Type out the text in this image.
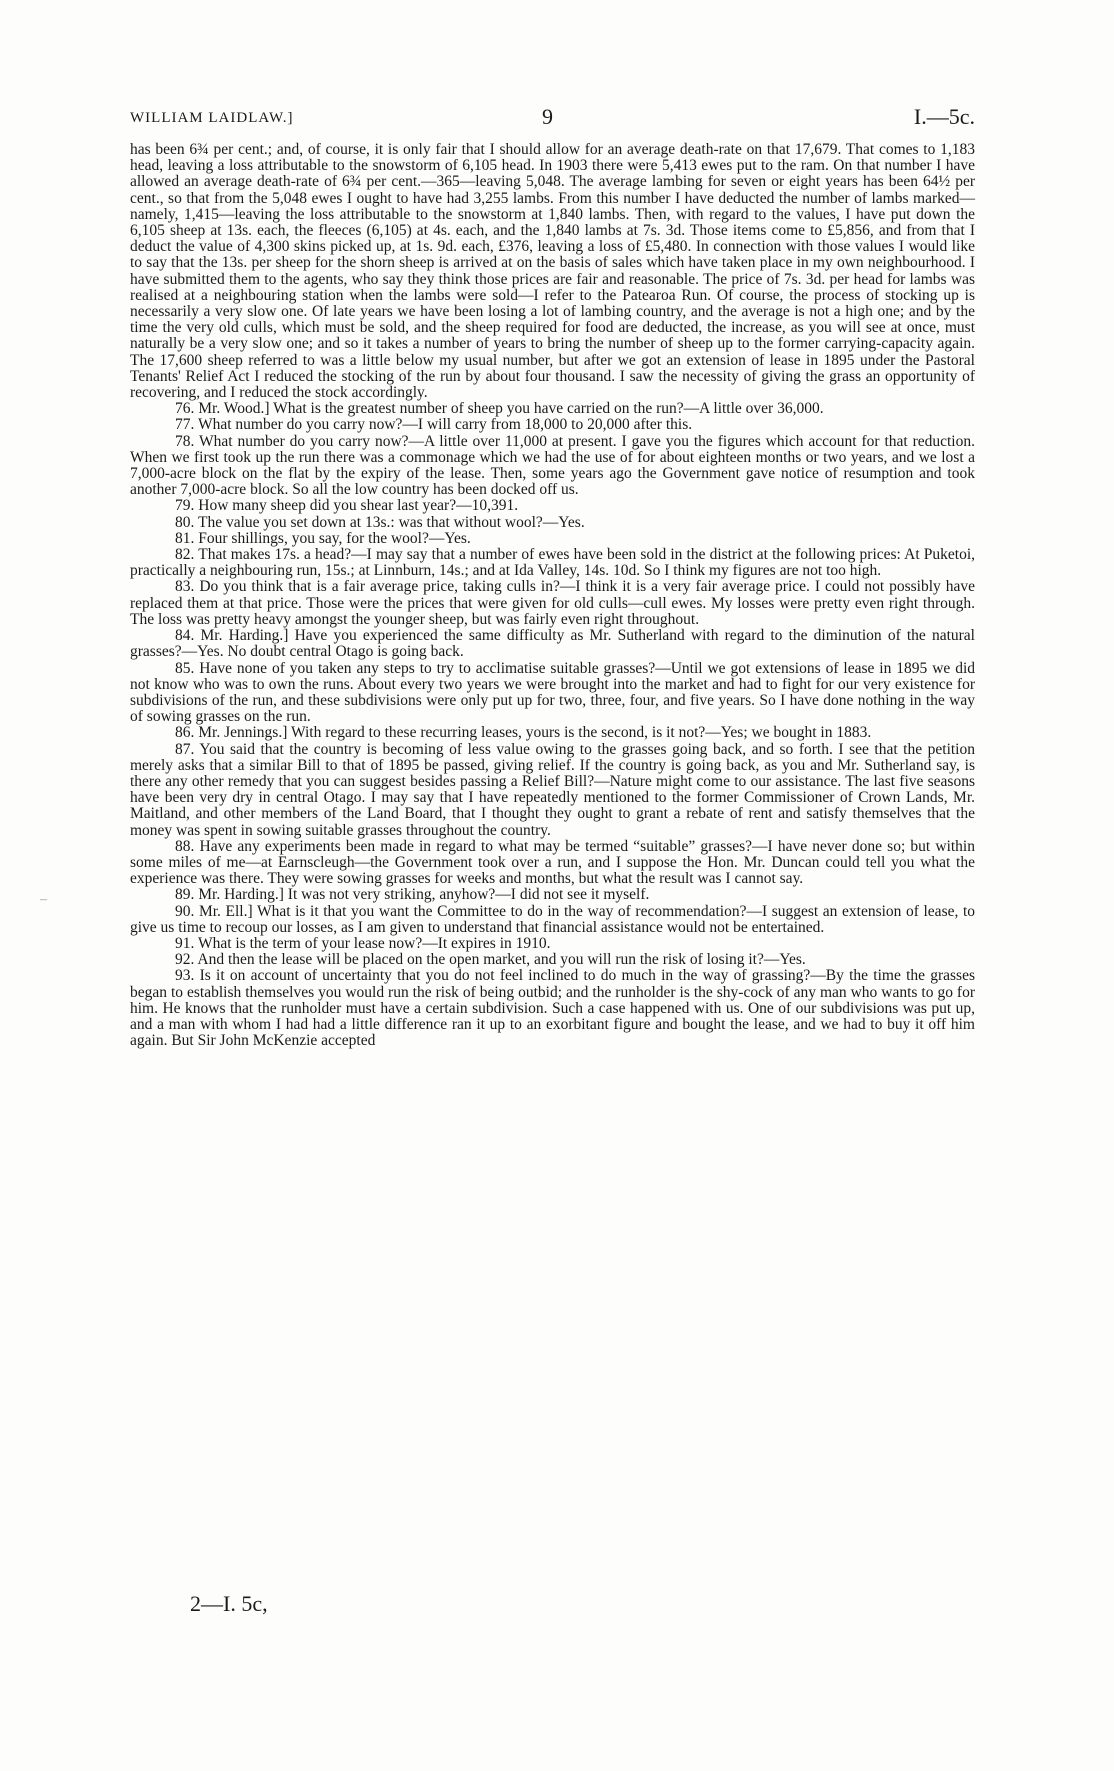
WILLIAM LAIDLAW.]	9	I.—5c.

has been 6¾ per cent.; and, of course, it is only fair that I should allow for an average death-rate on that 17,679. That comes to 1,183 head, leaving a loss attributable to the snowstorm of 6,105 head. In 1903 there were 5,413 ewes put to the ram. On that number I have allowed an average death-rate of 6¾ per cent.—365—leaving 5,048. The average lambing for seven or eight years has been 64½ per cent., so that from the 5,048 ewes I ought to have had 3,255 lambs. From this number I have deducted the number of lambs marked—namely, 1,415—leaving the loss attributable to the snowstorm at 1,840 lambs. Then, with regard to the values, I have put down the 6,105 sheep at 13s. each, the fleeces (6,105) at 4s. each, and the 1,840 lambs at 7s. 3d. Those items come to £5,856, and from that I deduct the value of 4,300 skins picked up, at 1s. 9d. each, £376, leaving a loss of £5,480. In connection with those values I would like to say that the 13s. per sheep for the shorn sheep is arrived at on the basis of sales which have taken place in my own neighbourhood. I have submitted them to the agents, who say they think those prices are fair and reasonable. The price of 7s. 3d. per head for lambs was realised at a neighbouring station when the lambs were sold—I refer to the Patearoa Run. Of course, the process of stocking up is necessarily a very slow one. Of late years we have been losing a lot of lambing country, and the average is not a high one; and by the time the very old culls, which must be sold, and the sheep required for food are deducted, the increase, as you will see at once, must naturally be a very slow one; and so it takes a number of years to bring the number of sheep up to the former carrying-capacity again. The 17,600 sheep referred to was a little below my usual number, but after we got an extension of lease in 1895 under the Pastoral Tenants' Relief Act I reduced the stocking of the run by about four thousand. I saw the necessity of giving the grass an opportunity of recovering, and I reduced the stock accordingly.

76. Mr. Wood.] What is the greatest number of sheep you have carried on the run?—A little over 36,000.

77. What number do you carry now?—I will carry from 18,000 to 20,000 after this.

78. What number do you carry now?—A little over 11,000 at present. I gave you the figures which account for that reduction. When we first took up the run there was a commonage which we had the use of for about eighteen months or two years, and we lost a 7,000-acre block on the flat by the expiry of the lease. Then, some years ago the Government gave notice of resumption and took another 7,000-acre block. So all the low country has been docked off us.

79. How many sheep did you shear last year?—10,391.

80. The value you set down at 13s.: was that without wool?—Yes.

81. Four shillings, you say, for the wool?—Yes.

82. That makes 17s. a head?—I may say that a number of ewes have been sold in the district at the following prices: At Puketoi, practically a neighbouring run, 15s.; at Linnburn, 14s.; and at Ida Valley, 14s. 10d. So I think my figures are not too high.

83. Do you think that is a fair average price, taking culls in?—I think it is a very fair average price. I could not possibly have replaced them at that price. Those were the prices that were given for old culls—cull ewes. My losses were pretty even right through. The loss was pretty heavy amongst the younger sheep, but was fairly even right throughout.

84. Mr. Harding.] Have you experienced the same difficulty as Mr. Sutherland with regard to the diminution of the natural grasses?—Yes. No doubt central Otago is going back.

85. Have none of you taken any steps to try to acclimatise suitable grasses?—Until we got extensions of lease in 1895 we did not know who was to own the runs. About every two years we were brought into the market and had to fight for our very existence for subdivisions of the run, and these subdivisions were only put up for two, three, four, and five years. So I have done nothing in the way of sowing grasses on the run.

86. Mr. Jennings.] With regard to these recurring leases, yours is the second, is it not?—Yes; we bought in 1883.

87. You said that the country is becoming of less value owing to the grasses going back, and so forth. I see that the petition merely asks that a similar Bill to that of 1895 be passed, giving relief. If the country is going back, as you and Mr. Sutherland say, is there any other remedy that you can suggest besides passing a Relief Bill?—Nature might come to our assistance. The last five seasons have been very dry in central Otago. I may say that I have repeatedly mentioned to the former Commissioner of Crown Lands, Mr. Maitland, and other members of the Land Board, that I thought they ought to grant a rebate of rent and satisfy themselves that the money was spent in sowing suitable grasses throughout the country.

88. Have any experiments been made in regard to what may be termed “suitable” grasses?—I have never done so; but within some miles of me—at Earnscleugh—the Government took over a run, and I suppose the Hon. Mr. Duncan could tell you what the experience was there. They were sowing grasses for weeks and months, but what the result was I cannot say.

89. Mr. Harding.] It was not very striking, anyhow?—I did not see it myself.

90. Mr. Ell.] What is it that you want the Committee to do in the way of recommendation?—I suggest an extension of lease, to give us time to recoup our losses, as I am given to understand that financial assistance would not be entertained.

91. What is the term of your lease now?—It expires in 1910.

92. And then the lease will be placed on the open market, and you will run the risk of losing it?—Yes.

93. Is it on account of uncertainty that you do not feel inclined to do much in the way of grassing?—By the time the grasses began to establish themselves you would run the risk of being outbid; and the runholder is the shy-cock of any man who wants to go for him. He knows that the runholder must have a certain subdivision. Such a case happened with us. One of our subdivisions was put up, and a man with whom I had had a little difference ran it up to an exorbitant figure and bought the lease, and we had to buy it off him again. But Sir John McKenzie accepted

2—I. 5c,
–
